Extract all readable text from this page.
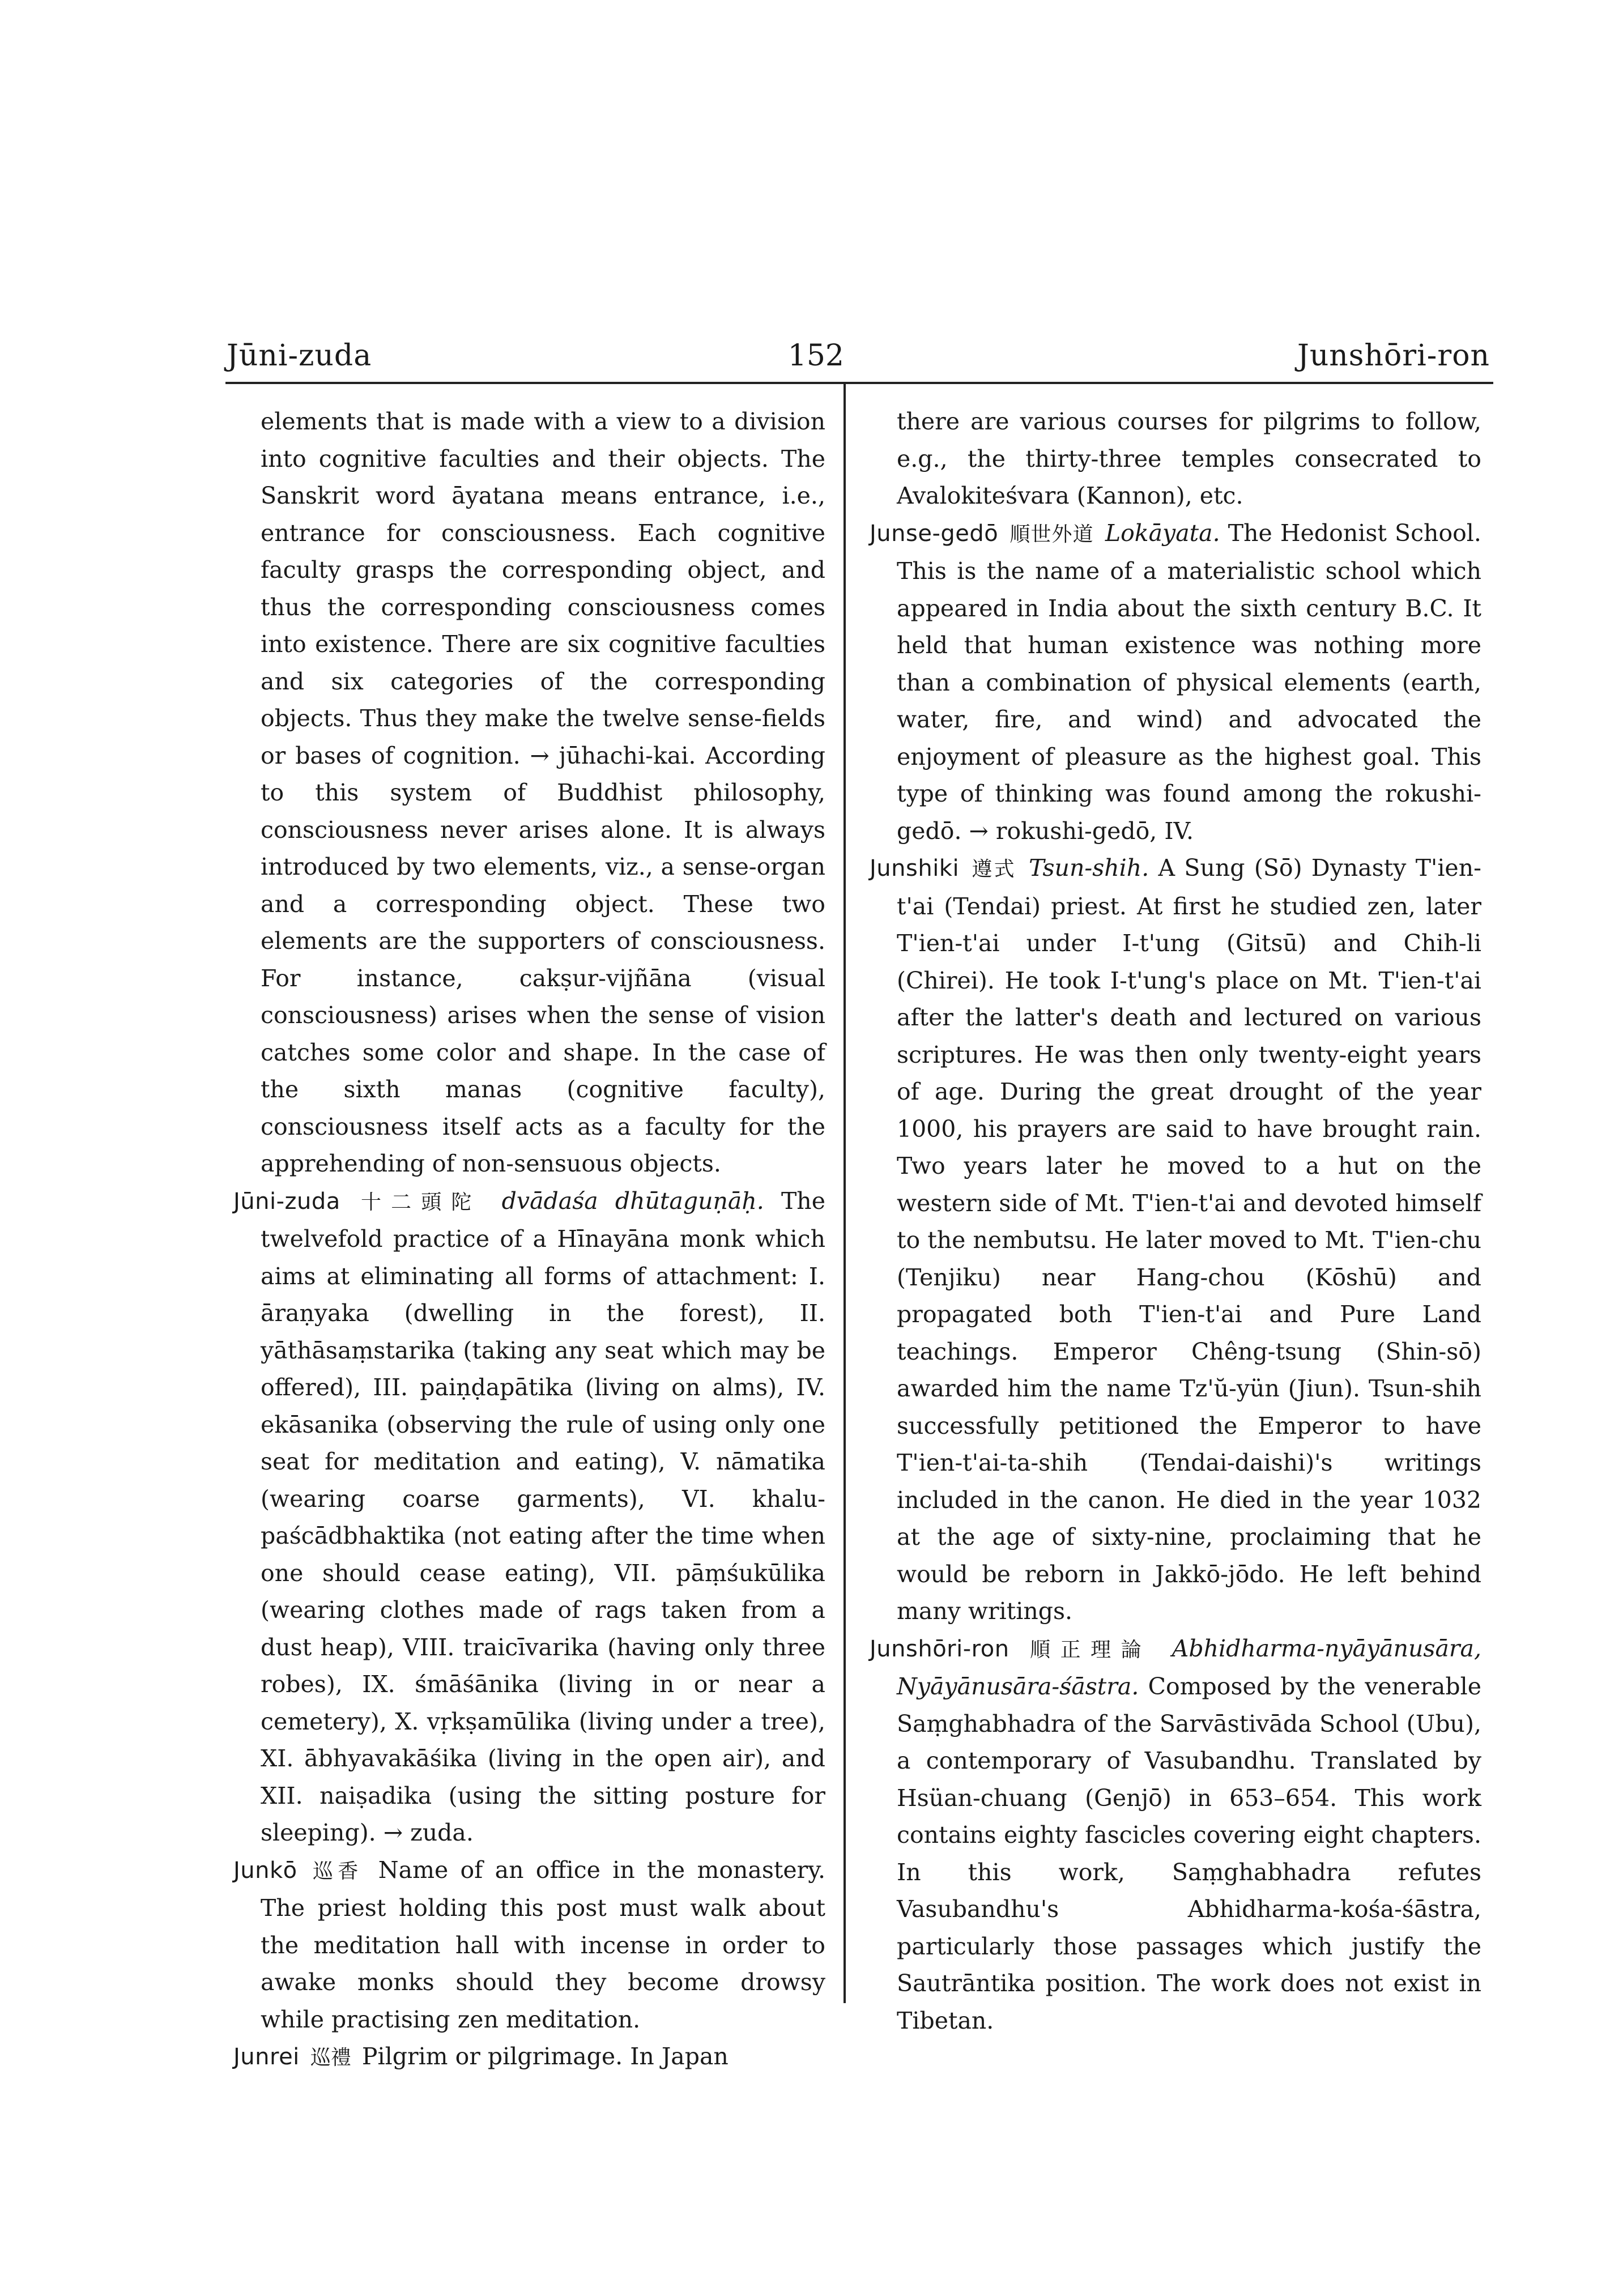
Jūni-zuda	152	Junshōri-ron

elements that is made with a view to a division into cognitive faculties and their objects. The Sanskrit word āyatana means entrance, i.e., entrance for consciousness. Each cognitive faculty grasps the corresponding object, and thus the corresponding consciousness comes into existence. There are six cognitive faculties and six categories of the corresponding objects. Thus they make the twelve sense-fields or bases of cognition. → jūhachi-kai. According to this system of Buddhist philosophy, consciousness never arises alone. It is always introduced by two elements, viz., a sense-organ and a corresponding object. These two elements are the supporters of consciousness. For instance, cakṣur-vijñāna (visual consciousness) arises when the sense of vision catches some color and shape. In the case of the sixth manas (cognitive faculty), consciousness itself acts as a faculty for the apprehending of non-sensuous objects.

Jūni-zuda 十二頭陀 dvādaśa dhūtaguṇāḥ. The twelvefold practice of a Hīnayāna monk which aims at eliminating all forms of attachment: I. āraṇyaka (dwelling in the forest), II. yāthāsaṃstarika (taking any seat which may be offered), III. paiṇḍapātika (living on alms), IV. ekāsanika (observing the rule of using only one seat for meditation and eating), V. nāmatika (wearing coarse garments), VI. khalu-paścādbhaktika (not eating after the time when one should cease eating), VII. pāṃśukūlika (wearing clothes made of rags taken from a dust heap), VIII. traicīvarika (having only three robes), IX. śmāśānika (living in or near a cemetery), X. vṛkṣamūlika (living under a tree), XI. ābhyavakāśika (living in the open air), and XII. naiṣadika (using the sitting posture for sleeping). → zuda.

Junkō 巡香 Name of an office in the monastery. The priest holding this post must walk about the meditation hall with incense in order to awake monks should they become drowsy while practising zen meditation.

Junrei 巡禮 Pilgrim or pilgrimage. In Japan

there are various courses for pilgrims to follow, e.g., the thirty-three temples consecrated to Avalokiteśvara (Kannon), etc.

Junse-gedō 順世外道 Lokāyata. The Hedonist School. This is the name of a materialistic school which appeared in India about the sixth century B.C. It held that human existence was nothing more than a combination of physical elements (earth, water, fire, and wind) and advocated the enjoyment of pleasure as the highest goal. This type of thinking was found among the rokushi-gedō. → rokushi-gedō, IV.

Junshiki 遵式 Tsun-shih. A Sung (Sō) Dynasty T'ien-t'ai (Tendai) priest. At first he studied zen, later T'ien-t'ai under I-t'ung (Gitsū) and Chih-li (Chirei). He took I-t'ung's place on Mt. T'ien-t'ai after the latter's death and lectured on various scriptures. He was then only twenty-eight years of age. During the great drought of the year 1000, his prayers are said to have brought rain. Two years later he moved to a hut on the western side of Mt. T'ien-t'ai and devoted himself to the nembutsu. He later moved to Mt. T'ien-chu (Tenjiku) near Hang-chou (Kōshū) and propagated both T'ien-t'ai and Pure Land teachings. Emperor Chêng-tsung (Shin-sō) awarded him the name Tz'ŭ-yün (Jiun). Tsun-shih successfully petitioned the Emperor to have T'ien-t'ai-ta-shih (Tendai-daishi)'s writings included in the canon. He died in the year 1032 at the age of sixty-nine, proclaiming that he would be reborn in Jakkō-jōdo. He left behind many writings.

Junshōri-ron 順正理論 Abhidharma-nyāyānusāra, Nyāyānusāra-śāstra. Composed by the venerable Saṃghabhadra of the Sarvāstivāda School (Ubu), a contemporary of Vasubandhu. Translated by Hsüan-chuang (Genjō) in 653–654. This work contains eighty fascicles covering eight chapters. In this work, Saṃghabhadra refutes Vasubandhu's Abhidharma-kośa-śāstra, particularly those passages which justify the Sautrāntika position. The work does not exist in Tibetan.
